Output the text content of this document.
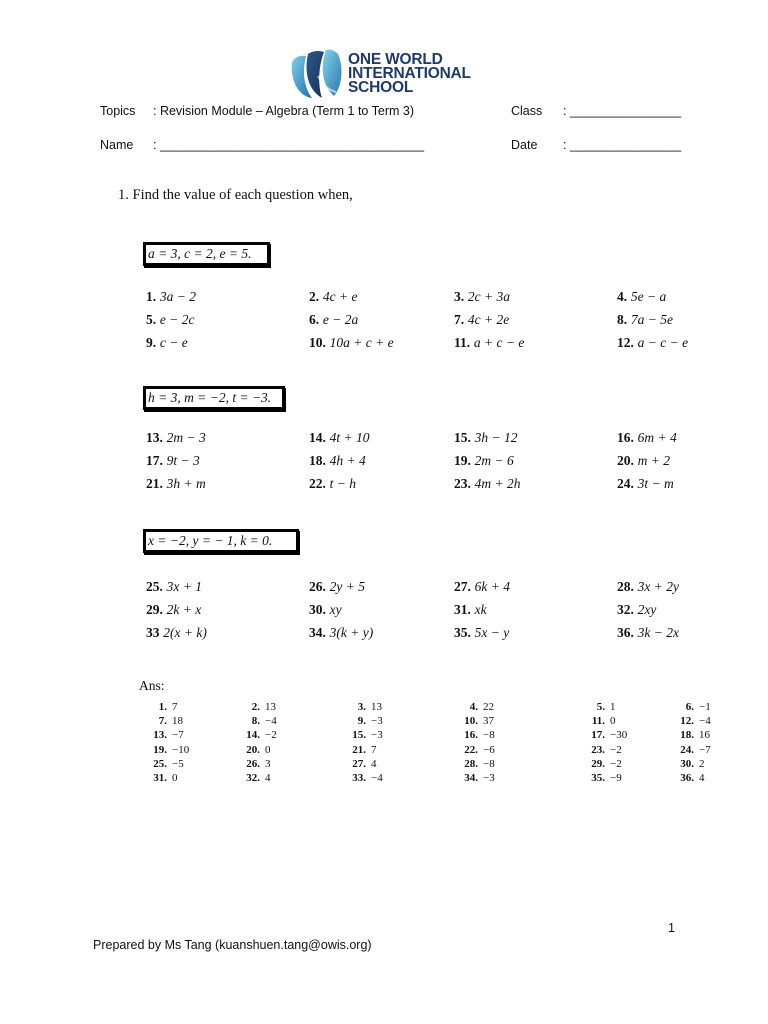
ONE WORLD
INTERNATIONAL
SCHOOL
Topics : Revision Module – Algebra (Term 1 to Term 3)	Class : ________________
Name : ______________________________________	Date : ________________
1. Find the value of each question when,
a = 3, c = 2, e = 5.
h = 3, m = −2, t = −3.
x = −2, y = − 1, k = 0.
1. 3a − 2	2. 4c + e	3. 2c + 3a	4. 5e − a
5. e − 2c	6. e − 2a	7. 4c + 2e	8. 7a − 5e
9. c − e	10. 10a + c + e	11. a + c − e	12. a − c − e
13. 2m − 3	14. 4t + 10	15. 3h − 12	16. 6m + 4
17. 9t − 3	18. 4h + 4	19. 2m − 6	20. m + 2
21. 3h + m	22. t − h	23. 4m + 2h	24. 3t − m
25. 3x + 1	26. 2y + 5	27. 6k + 4	28. 3x + 2y
29. 2k + x	30. xy	31. xk	32. 2xy
33 2(x + k)	34. 3(k + y)	35. 5x − y	36. 3k − 2x
Ans:
1. 7	2. 13	3. 13	4. 22	5. 1	6. −1
7. 18	8. −4	9. −3	10. 37	11. 0	12. −4
13. −7	14. −2	15. −3	16. −8	17. −30	18. 16
19. −10	20. 0	21. 7	22. −6	23. −2	24. −7
25. −5	26. 3	27. 4	28. −8	29. −2	30. 2
31. 0	32. 4	33. −4	34. −3	35. −9	36. 4
1
Prepared by Ms Tang (kuanshuen.tang@owis.org)
